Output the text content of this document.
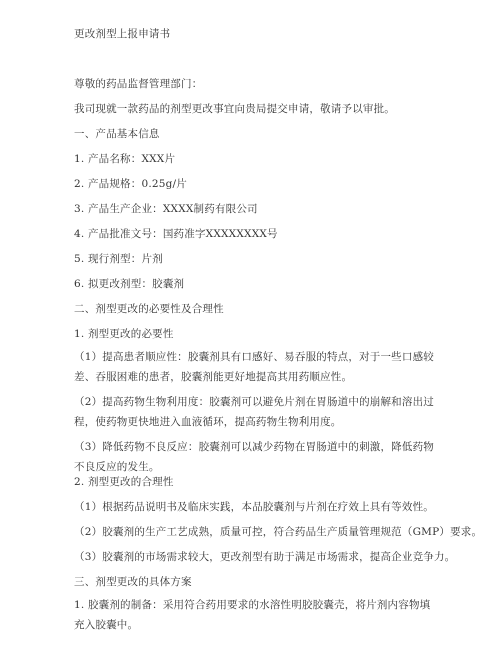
更改剂型上报申请书
尊敬的药品监督管理部门：
我司现就一款药品的剂型更改事宜向贵局提交申请，敬请予以审批。
一、产品基本信息
1. 产品名称：XXX片
2. 产品规格：0.25g/片
3. 产品生产企业：XXXX制药有限公司
4. 产品批准文号：国药准字XXXXXXXX号
5. 现行剂型：片剂
6. 拟更改剂型：胶囊剂
二、剂型更改的必要性及合理性
1. 剂型更改的必要性
（1）提高患者顺应性：胶囊剂具有口感好、易吞服的特点，对于一些口感较差、吞服困难的患者，胶囊剂能更好地提高其用药顺应性。
（2）提高药物生物利用度：胶囊剂可以避免片剂在胃肠道中的崩解和溶出过程，使药物更快地进入血液循环，提高药物生物利用度。
（3）降低药物不良反应：胶囊剂可以减少药物在胃肠道中的刺激，降低药物不良反应的发生。
2. 剂型更改的合理性
（1）根据药品说明书及临床实践，本品胶囊剂与片剂在疗效上具有等效性。
（2）胶囊剂的生产工艺成熟，质量可控，符合药品生产质量管理规范（GMP）要求。
（3）胶囊剂的市场需求较大，更改剂型有助于满足市场需求，提高企业竞争力。
三、剂型更改的具体方案
1. 胶囊剂的制备：采用符合药用要求的水溶性明胶胶囊壳，将片剂内容物填充入胶囊中。
